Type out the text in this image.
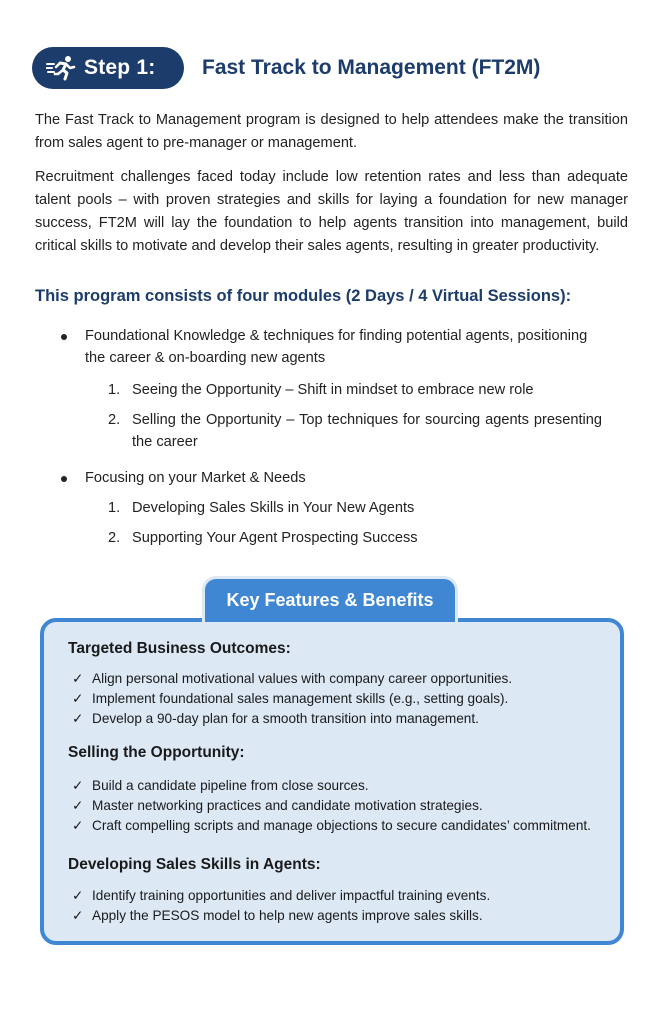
Step 1: Fast Track to Management (FT2M)

The Fast Track to Management program is designed to help attendees make the transition from sales agent to pre-manager or management.

Recruitment challenges faced today include low retention rates and less than adequate talent pools – with proven strategies and skills for laying a foundation for new manager success, FT2M will lay the foundation to help agents transition into management, build critical skills to motivate and develop their sales agents, resulting in greater productivity.

This program consists of four modules (2 Days / 4 Virtual Sessions):
Foundational Knowledge & techniques for finding potential agents, positioning the career & on-boarding new agents
1. Seeing the Opportunity – Shift in mindset to embrace new role
2. Selling the Opportunity – Top techniques for sourcing agents presenting the career
Focusing on your Market & Needs
1. Developing Sales Skills in Your New Agents
2. Supporting Your Agent Prospecting Success
Key Features & Benefits
Targeted Business Outcomes:
✓ Align personal motivational values with company career opportunities.
✓ Implement foundational sales management skills (e.g., setting goals).
✓ Develop a 90-day plan for a smooth transition into management.
Selling the Opportunity:
✓ Build a candidate pipeline from close sources.
✓ Master networking practices and candidate motivation strategies.
✓ Craft compelling scripts and manage objections to secure candidates’ commitment.
Developing Sales Skills in Agents:
✓ Identify training opportunities and deliver impactful training events.
✓ Apply the PESOS model to help new agents improve sales skills.
